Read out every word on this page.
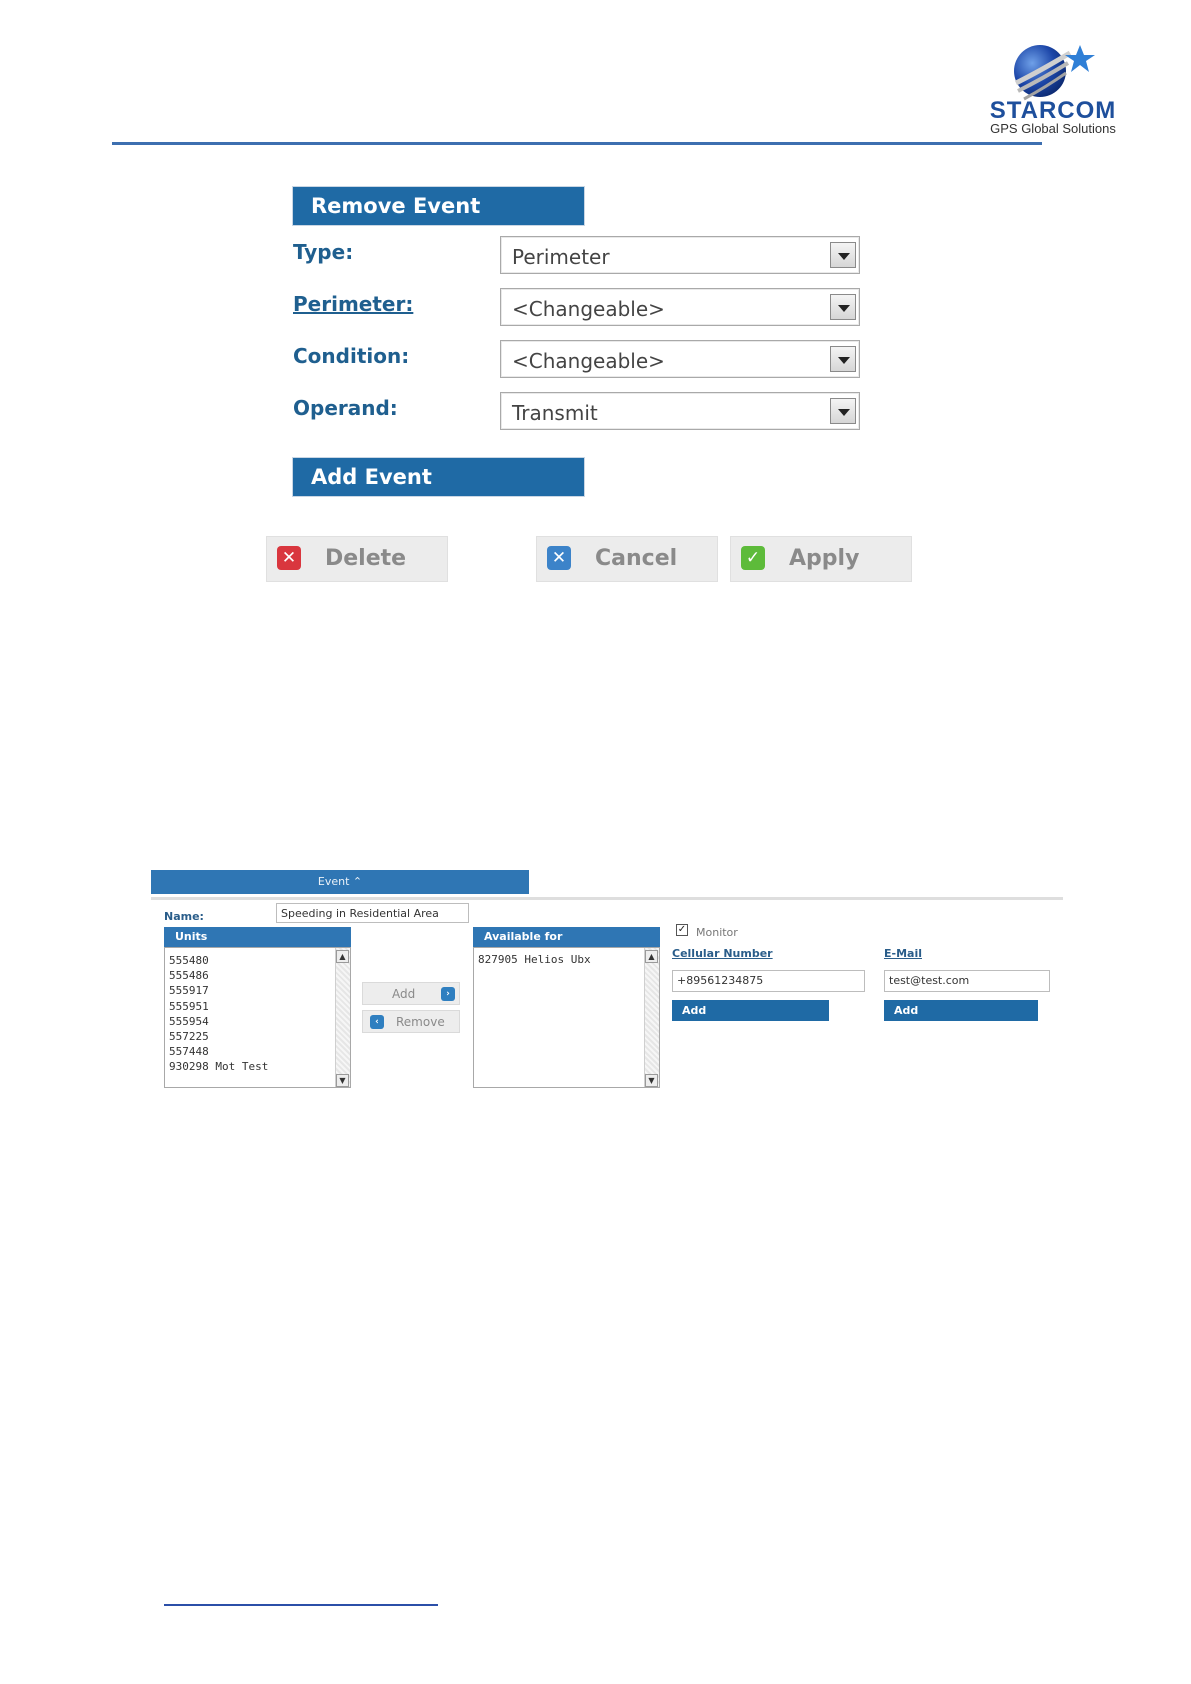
STARCOM
GPS Global Solutions
Remove Event
Type:	Perimeter
Perimeter:	<Changeable>
Condition:	<Changeable>
Operand:	Transmit
Add Event
✕ Delete	✕ Cancel	✓ Apply
Event ⌃
Name:	Speeding in Residential Area
Units
555480
555486
555917
555951
555954
557225
557448
930298 Mot Test
▲
▼
Add	›
‹	Remove
Available for
827905 Helios Ubx	▲
▼
✓ Monitor
Cellular Number
+89561234875
Add
E-Mail
test@test.com
Add
